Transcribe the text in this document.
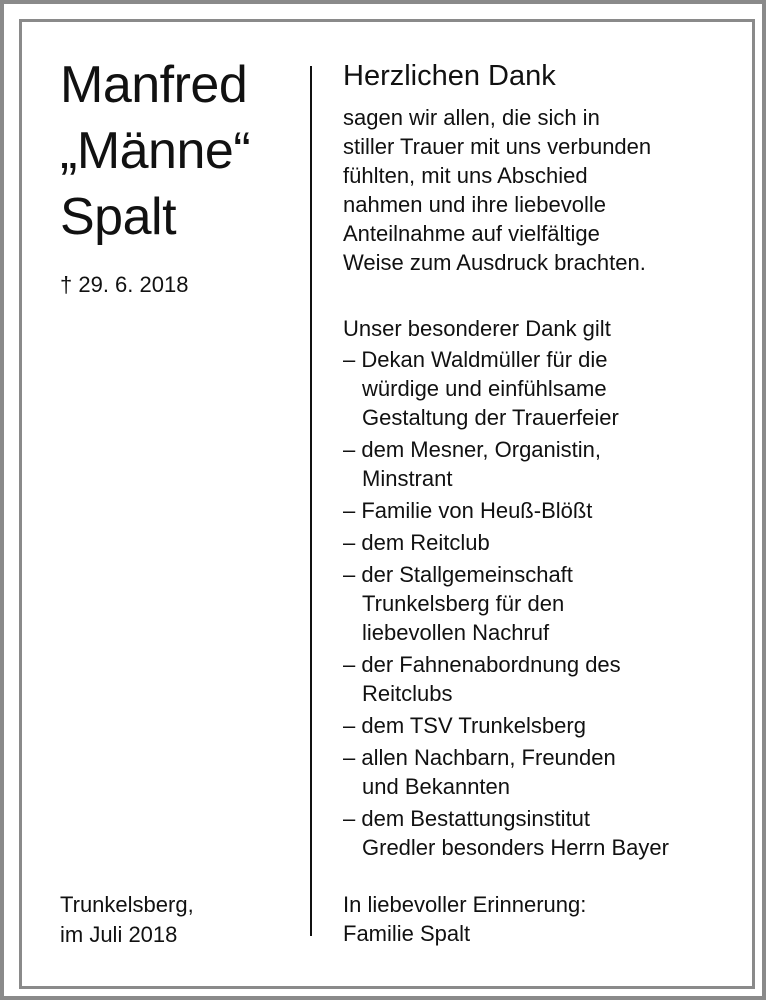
Manfred
„Männe“
Spalt
† 29. 6. 2018
Trunkelsberg,
im Juli 2018
Herzlichen Dank
sagen wir allen, die sich in
stiller Trauer mit uns verbunden
fühlten, mit uns Abschied
nahmen und ihre liebevolle
Anteilnahme auf vielfältige
Weise zum Ausdruck brachten.
Unser besonderer Dank gilt
– Dekan Waldmüller für die
würdige und einfühlsame
Gestaltung der Trauerfeier
– dem Mesner, Organistin,
Minstrant
– Familie von Heuß-Blößt
– dem Reitclub
– der Stallgemeinschaft
Trunkelsberg für den
liebevollen Nachruf
– der Fahnenabordnung des
Reitclubs
– dem TSV Trunkelsberg
– allen Nachbarn, Freunden
und Bekannten
– dem Bestattungsinstitut
Gredler besonders Herrn Bayer
In liebevoller Erinnerung:
Familie Spalt
